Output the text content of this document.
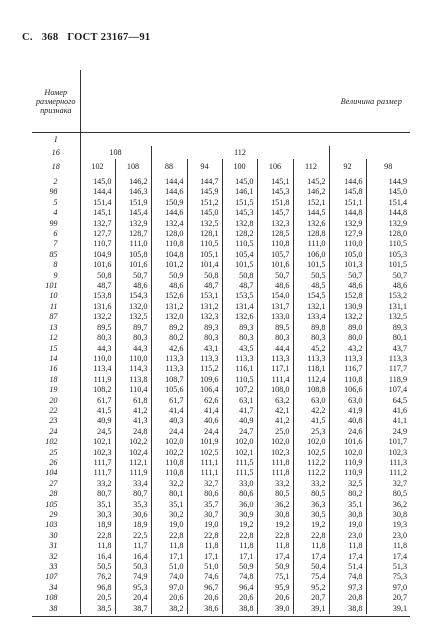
С. 368 ГОСТ 23167—91
Номер
размерного
признака	Величина размер								
I									
16	108		112						
18	102	108	88	94	100	106	112	92	98
2	145,0	146,2	144,4	144,7	145,0	145,1	145,2	144,6	144,9
98	144,4	146,3	144,6	145,9	146,1	145,3	146,2	145,8	145,0
5	151,4	151,9	150,9	151,2	151,5	151,8	152,1	151,1	151,4
4	145,1	145,4	144,6	145,0	145,3	145,7	144,5	144,8	144,8
99	132,7	132,9	132,4	132,5	132,8	132,3	132,6	132,9	132,9
6	127,7	128,7	128,0	128,1	128,2	128,5	128,8	127,9	128,0
7	110,7	111,0	110,8	110,5	110,5	110,8	111,0	110,0	110,5
85	104,9	105,8	104,8	105,1	105,4	105,7	106,0	105,0	105,3
8	101,6	101,6	101,2	101,4	101,5	101,6	101,5	101,3	101,5
9	50,8	50,7	50,9	50,8	50,8	50,7	50,5	50,7	50,7
101	48,7	48,6	48,6	48,7	48,7	48,6	48,5	48,6	48,6
10	153,8	154,3	152,6	153,1	153,5	154,0	154,5	152,8	153,2
11	131,6	132,0	131,2	131,2	131,4	131,7	132,1	130,9	131,1
87	132,2	132,5	132,0	132,3	132,6	133,0	133,4	132,2	132,5
13	89,5	89,7	89,2	89,3	89,3	89,5	89,8	89,0	89,3
12	80,3	80,3	80,2	80,3	80,3	80,3	80,3	80,0	80,1
15	44,3	44,3	42,6	43,1	43,5	44,4	45,2	43,2	43,7
14	110,0	110,0	113,3	113,3	113,3	113,3	113,3	113,3	113,3
16	113,4	114,3	113,3	115,2	116,1	117,1	118,1	116,7	117,7
18	111,9	113,8	108,7	109,6	110,5	111,4	112,4	110,8	118,9
19	108,2	110,4	105,6	106,4	107,2	108,0	108,8	106,6	107,4
20	61,7	61,8	61,7	62,6	63,1	63,2	63,0	63,0	64,5
22	41,5	41,2	41,4	41,4	41,7	42,1	42,2	41,9	41,6
23	40,9	41,3	40,3	40,6	40,9	41,2	41,5	40,8	41,1
24	24,5	24,8	24,4	24,4	24,7	25,0	25,3	24,6	24,9
102	102,1	102,2	102,0	101,9	102,0	102,0	102,0	101,6	101,7
25	102,3	102,4	102,2	102,5	102,1	102,3	102,5	102,0	102,3
26	111,7	112,1	110,8	111,1	111,5	111,8	112,2	110,9	111,3
104	111,7	111,9	110,8	111,1	111,5	111,8	112,2	110,9	111,2
27	33,2	33,4	32,2	32,7	33,0	33,2	33,2	32,5	32,7
28	80,7	80,7	80,1	80,6	80,6	80,5	80,5	80,2	80,5
105	35,1	35,3	35,1	35,7	36,0	36,2	36,3	35,1	36,2
29	30,3	30,6	30,2	30,7	30,9	30,8	30,5	30,8	30,8
103	18,9	18,9	19,0	19,0	19,2	19,2	19,2	19,0	19,3
30	22,8	22,5	22,8	22,8	22,8	22,8	22,8	23,0	23,0
31	11,8	11,7	11,8	11,8	11,8	11,8	11,8	11,8	11,8
32	16,4	16,4	17,1	17,1	17,1	17,4	17,4	17,4	17,4
33	50,5	50,3	51,0	51,0	50,9	50,9	50,4	51,4	51,3
107	76,2	74,9	74,0	74,6	74,8	75,1	75,4	74,8	75,3
34	96,8	95,3	97,0	96,7	96,4	95,9	95,2	97,3	97,0
108	20,5	20,4	20,6	20,6	20,6	20,6	20,7	20,8	20,7
38	38,5	38,7	38,2	38,6	38,8	39,0	39,1	38,8	39,1
